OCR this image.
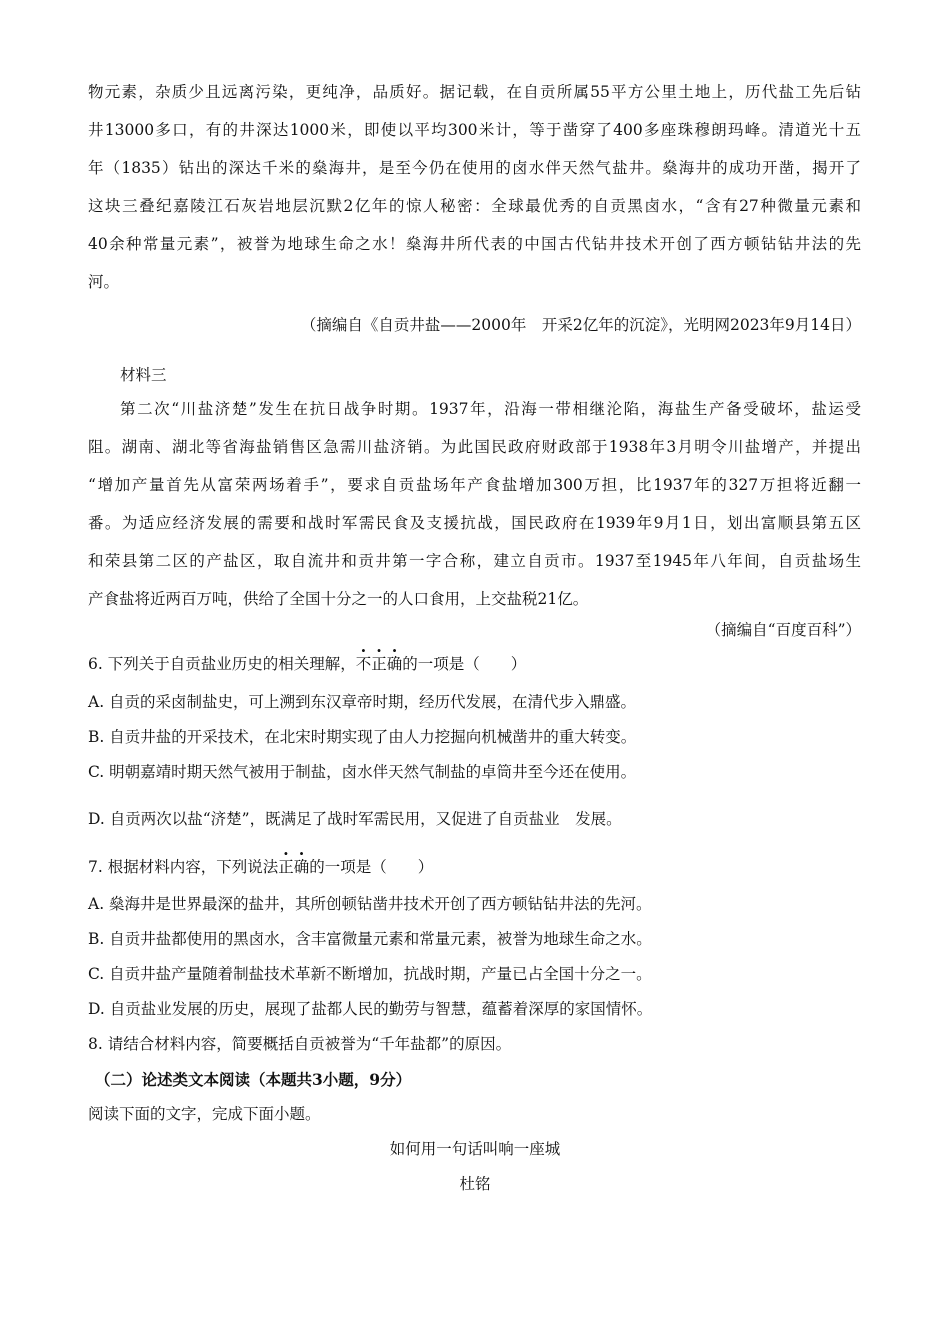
物元素，杂质少且远离污染，更纯净，品质好。据记载，在自贡所属55平方公里土地上，历代盐工先后钻
井13000多口，有的井深达1000米，即使以平均300米计，等于凿穿了400多座珠穆朗玛峰。清道光十五
年（1835）钻出的深达千米的燊海井，是至今仍在使用的卤水伴天然气盐井。燊海井的成功开凿，揭开了
这块三叠纪嘉陵江石灰岩地层沉默2亿年的惊人秘密：全球最优秀的自贡黑卤水，“含有27种微量元素和
40余种常量元素”，被誉为地球生命之水！燊海井所代表的中国古代钻井技术开创了西方顿钻钻井法的先
河。
（摘编自《自贡井盐——2000年　开采2亿年的沉淀》，光明网2023年9月14日）
材料三
第二次“川盐济楚”发生在抗日战争时期。1937年，沿海一带相继沦陷，海盐生产备受破坏，盐运受
阻。湖南、湖北等省海盐销售区急需川盐济销。为此国民政府财政部于1938年3月明令川盐增产，并提出
“增加产量首先从富荣两场着手”，要求自贡盐场年产食盐增加300万担，比1937年的327万担将近翻一
番。为适应经济发展的需要和战时军需民食及支援抗战，国民政府在1939年9月1日，划出富顺县第五区
和荣县第二区的产盐区，取自流井和贡井第一字合称，建立自贡市。1937至1945年八年间，自贡盐场生
产食盐将近两百万吨，供给了全国十分之一的人口食用，上交盐税21亿。
（摘编自“百度百科”）
6. 下列关于自贡盐业历史的相关理解，不正确的一项是（　　）
A. 自贡的采卤制盐史，可上溯到东汉章帝时期，经历代发展，在清代步入鼎盛。
B. 自贡井盐的开采技术，在北宋时期实现了由人力挖掘向机械凿井的重大转变。
C. 明朝嘉靖时期天然气被用于制盐，卤水伴天然气制盐的卓筒井至今还在使用。
D. 自贡两次以盐“济楚”，既满足了战时军需民用，又促进了自贡盐业　发展。
7. 根据材料内容，下列说法正确的一项是（　　）
A. 燊海井是世界最深的盐井，其所创顿钻凿井技术开创了西方顿钻钻井法的先河。
B. 自贡井盐都使用的黑卤水，含丰富微量元素和常量元素，被誉为地球生命之水。
C. 自贡井盐产量随着制盐技术革新不断增加，抗战时期，产量已占全国十分之一。
D. 自贡盐业发展的历史，展现了盐都人民的勤劳与智慧，蕴蓄着深厚的家国情怀。
8. 请结合材料内容，简要概括自贡被誉为“千年盐都”的原因。
（二）论述类文本阅读（本题共3小题，9分）
阅读下面的文字，完成下面小题。
如何用一句话叫响一座城
杜铭
